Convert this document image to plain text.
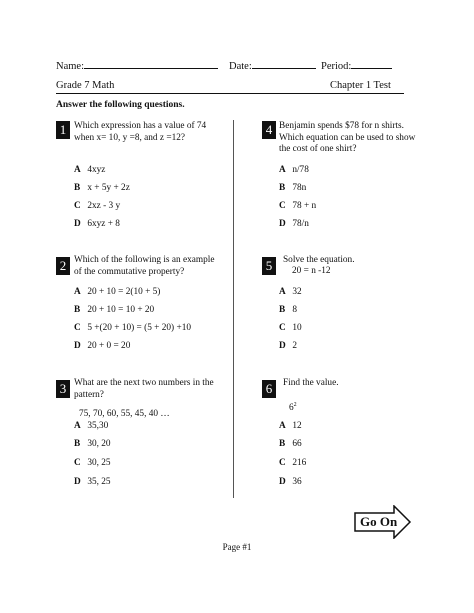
Name:	Date:	Period:
Grade 7 Math	Chapter 1 Test
Answer the following questions.
1 Which expression has a value of 74 when x= 10, y =8, and z =12?
A 4xyz
B x + 5y + 2z
C 2xz - 3 y
D 6xyz + 8
2 Which of the following is an example of the commutative property?
A 20 + 10 = 2(10 + 5)
B 20 + 10 = 10 + 20
C 5 +(20 + 10) = (5 + 20) +10
D 20 + 0 = 20
3 What are the next two numbers in the pattern?
75, 70, 60, 55, 45, 40 …
A 35,30
B 30, 20
C 30, 25
D 35, 25
4 Benjamin spends $78 for n shirts. Which equation can be used to show the cost of one shirt?
A n/78
B 78n
C 78 + n
D 78/n
5	Solve the equation.
20 = n -12
A 32
B 8
C 10
D 2
6	Find the value.
$6^2$
A 12
B 66
C 216
D 36
Go On
Page #1
